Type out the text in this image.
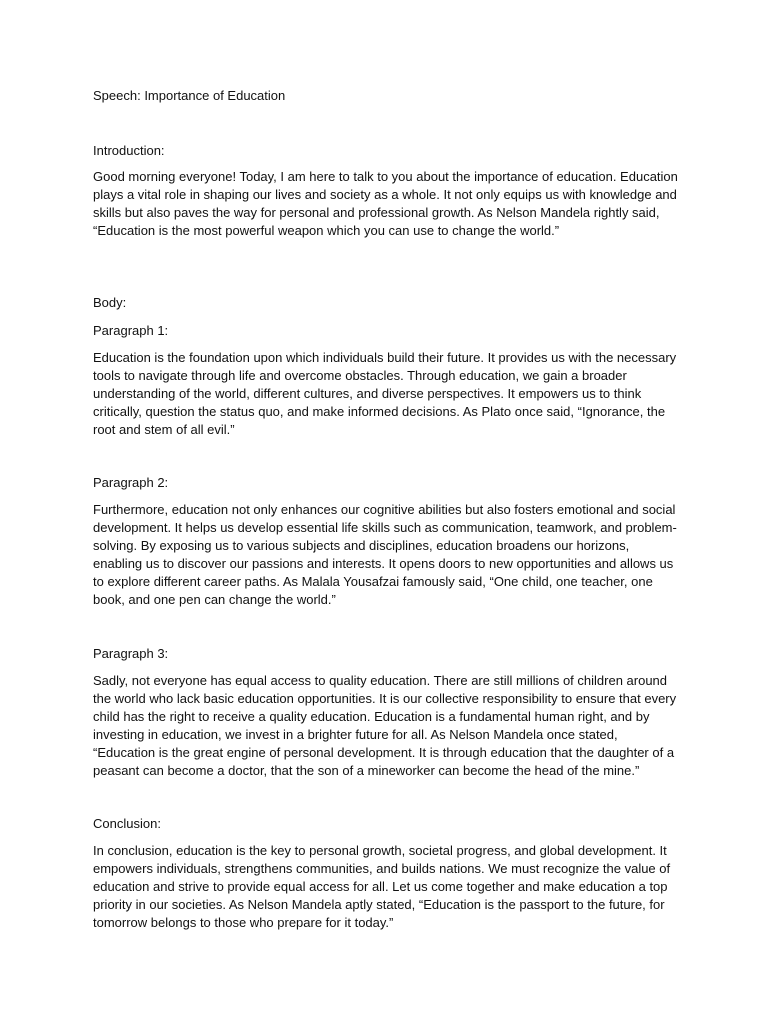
Speech: Importance of Education
Introduction:

Good morning everyone! Today, I am here to talk to you about the importance of education. Education plays a vital role in shaping our lives and society as a whole. It not only equips us with knowledge and skills but also paves the way for personal and professional growth. As Nelson Mandela rightly said, “Education is the most powerful weapon which you can use to change the world.”

Body:
Paragraph 1:

Education is the foundation upon which individuals build their future. It provides us with the necessary tools to navigate through life and overcome obstacles. Through education, we gain a broader understanding of the world, different cultures, and diverse perspectives. It empowers us to think critically, question the status quo, and make informed decisions. As Plato once said, “Ignorance, the root and stem of all evil.”

Paragraph 2:

Furthermore, education not only enhances our cognitive abilities but also fosters emotional and social development. It helps us develop essential life skills such as communication, teamwork, and problem-solving. By exposing us to various subjects and disciplines, education broadens our horizons, enabling us to discover our passions and interests. It opens doors to new opportunities and allows us to explore different career paths. As Malala Yousafzai famously said, “One child, one teacher, one book, and one pen can change the world.”

Paragraph 3:

Sadly, not everyone has equal access to quality education. There are still millions of children around the world who lack basic education opportunities. It is our collective responsibility to ensure that every child has the right to receive a quality education. Education is a fundamental human right, and by investing in education, we invest in a brighter future for all. As Nelson Mandela once stated, “Education is the great engine of personal development. It is through education that the daughter of a peasant can become a doctor, that the son of a mineworker can become the head of the mine.”

Conclusion:

In conclusion, education is the key to personal growth, societal progress, and global development. It empowers individuals, strengthens communities, and builds nations. We must recognize the value of education and strive to provide equal access for all. Let us come together and make education a top priority in our societies. As Nelson Mandela aptly stated, “Education is the passport to the future, for tomorrow belongs to those who prepare for it today.”
